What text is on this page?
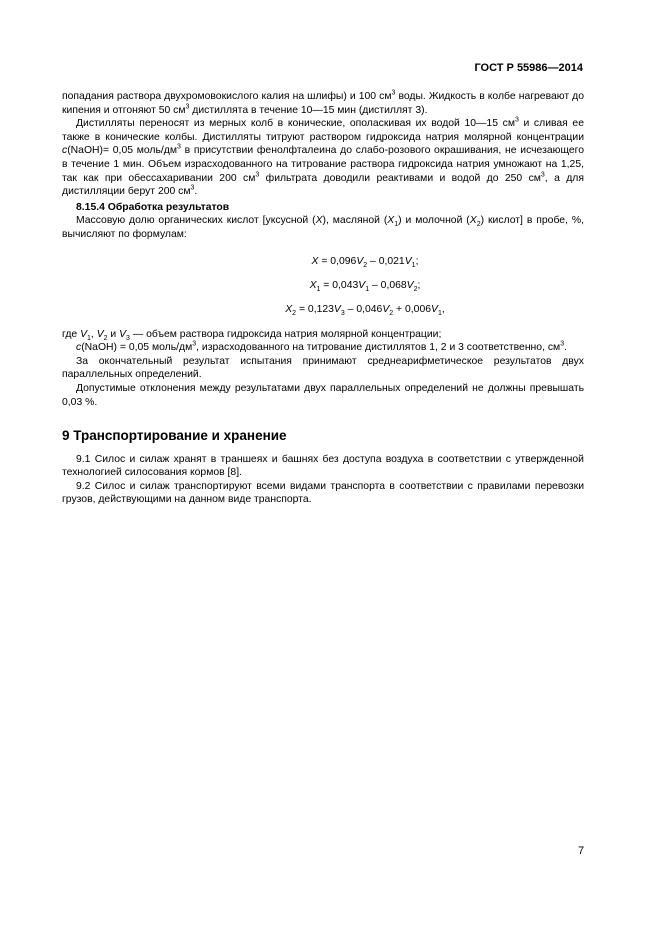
ГОСТ Р 55986—2014

попадания раствора двухромовокислого калия на шлифы) и 100 $см^3$ воды. Жидкость в колбе нагревают до кипения и отгоняют 50 $см^3$ дистиллята в течение 10—15 мин (дистиллят 3).

Дистилляты переносят из мерных колб в конические, ополаскивая их водой 10—15 $см^3$ и сливая ее также в конические колбы. Дистилляты титруют раствором гидроксида натрия молярной концентрации с(NaOH)= 0,05 моль/$дм^3$ в присутствии фенолфталеина до слабо-розового окрашивания, не исчезающего в течение 1 мин. Объем израсходованного на титрование раствора гидроксида натрия умножают на 1,25, так как при обессахаривании 200 $см^3$ фильтрата доводили реактивами и водой до 250 $см^3$, а для дистилляции берут 200 $см^3$.

8.15.4 Обработка результатов

Массовую долю органических кислот [уксусной (X), масляной $(X_1)$ и молочной $(X_2)$ кислот] в пробе, %, вычисляют по формулам:

$X = 0,096V_2 - 0,021V_1$;
$X_1 = 0,043V_1 - 0,068V_2$;
$X_2 = 0,123V_3 - 0,046V_2 + 0,006V_1$,

где $V_1$, $V_2$ и $V_3$ — объем раствора гидроксида натрия молярной концентрации;

с(NaOH) = 0,05 моль/$дм^3$, израсходованного на титрование дистиллятов 1, 2 и 3 соответственно, $см^3$.

За окончательный результат испытания принимают среднеарифметическое результатов двух параллельных определений.

Допустимые отклонения между результатами двух параллельных определений не должны превышать 0,03 %.

9 Транспортирование и хранение

9.1 Силос и силаж хранят в траншеях и башнях без доступа воздуха в соответствии с утвержденной технологией силосования кормов [8].

9.2 Силос и силаж транспортируют всеми видами транспорта в соответствии с правилами перевозки грузов, действующими на данном виде транспорта.

7
